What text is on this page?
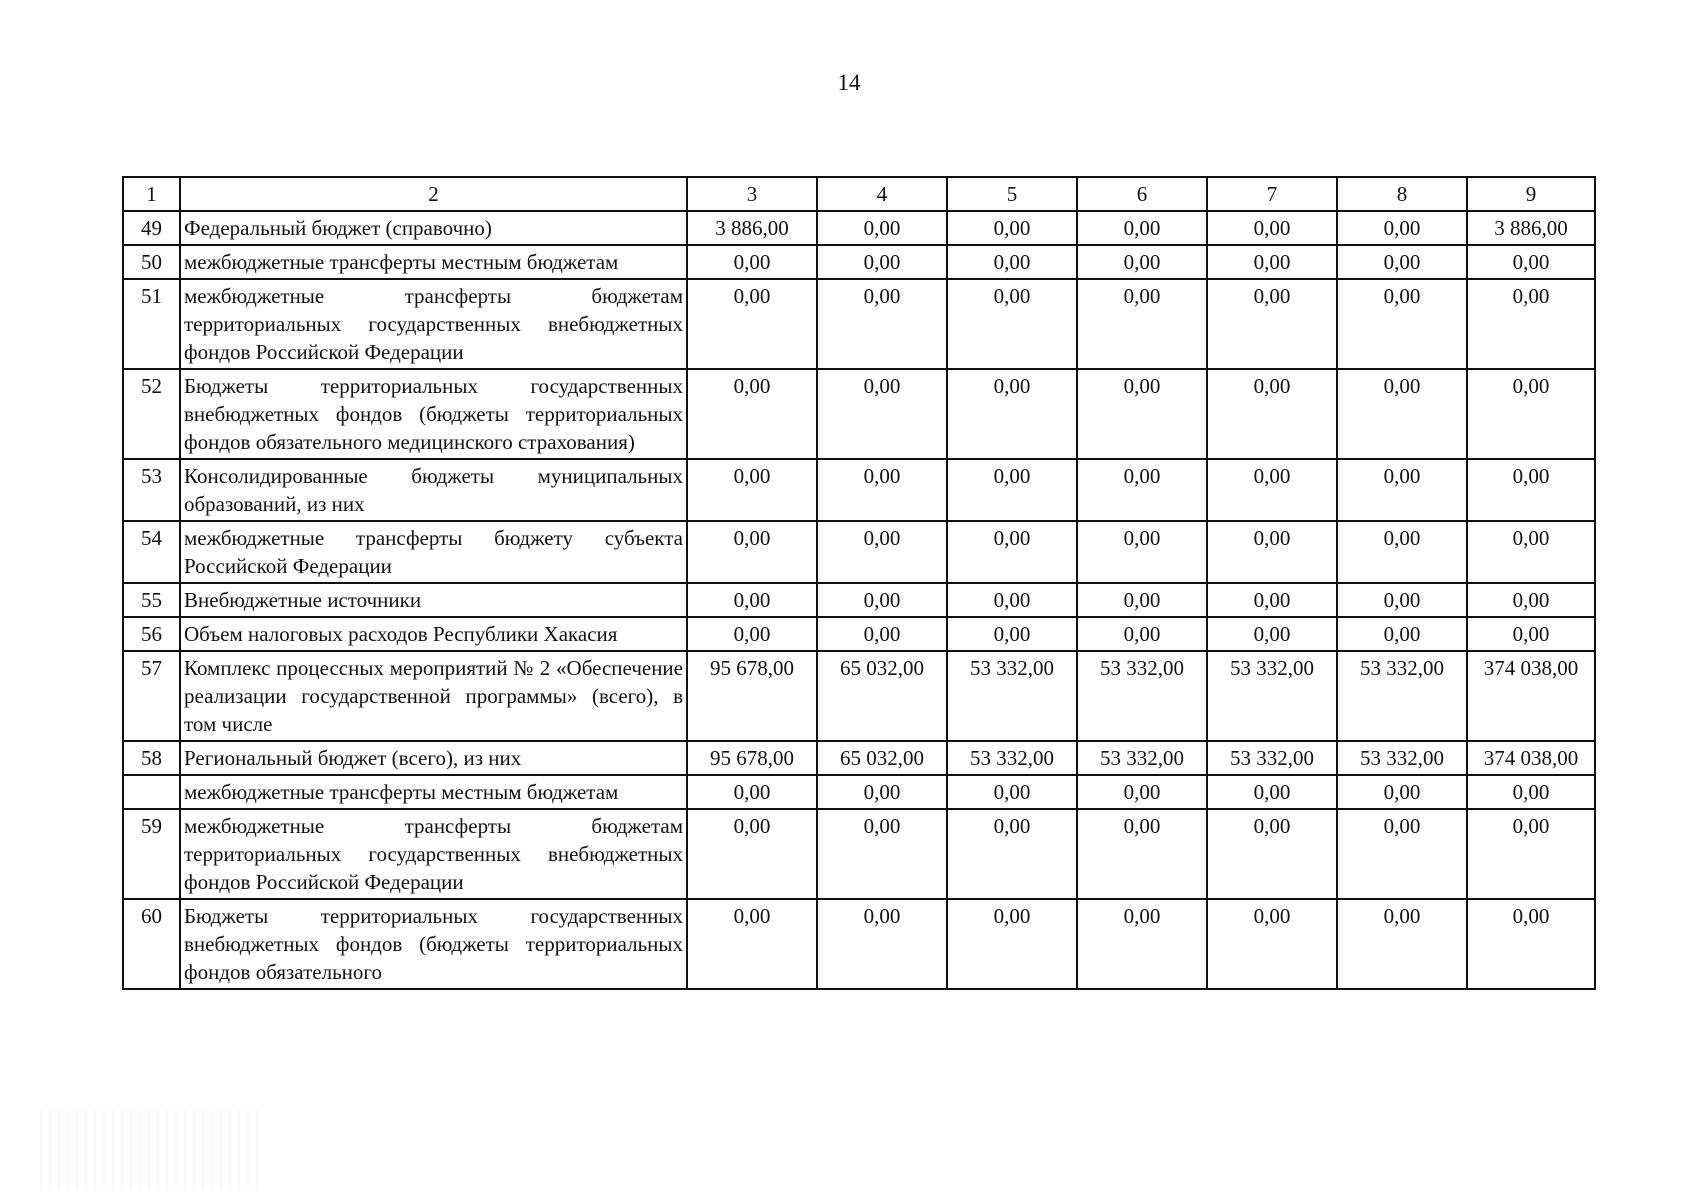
14
1	2	3	4	5	6	7	8	9
49	Федеральный бюджет (справочно)	3 886,00	0,00	0,00	0,00	0,00	0,00	3 886,00
50	межбюджетные трансферты местным бюджетам	0,00	0,00	0,00	0,00	0,00	0,00	0,00
51	межбюджетные трансферты бюджетам территориальных государственных внебюджетных фондов Российской Федерации	0,00	0,00	0,00	0,00	0,00	0,00	0,00
52	Бюджеты территориальных государственных внебюджетных фондов (бюджеты территориальных фондов обязательного медицинского страхования)	0,00	0,00	0,00	0,00	0,00	0,00	0,00
53	Консолидированные бюджеты муниципальных образований, из них	0,00	0,00	0,00	0,00	0,00	0,00	0,00
54	межбюджетные трансферты бюджету субъекта Российской Федерации	0,00	0,00	0,00	0,00	0,00	0,00	0,00
55	Внебюджетные источники	0,00	0,00	0,00	0,00	0,00	0,00	0,00
56	Объем налоговых расходов Республики Хакасия	0,00	0,00	0,00	0,00	0,00	0,00	0,00
57	Комплекс процессных мероприятий № 2 «Обеспечение реализации государственной программы» (всего), в том числе	95 678,00	65 032,00	53 332,00	53 332,00	53 332,00	53 332,00	374 038,00
58	Региональный бюджет (всего), из них	95 678,00	65 032,00	53 332,00	53 332,00	53 332,00	53 332,00	374 038,00
	межбюджетные трансферты местным бюджетам	0,00	0,00	0,00	0,00	0,00	0,00	0,00
59	межбюджетные трансферты бюджетам территориальных государственных внебюджетных фондов Российской Федерации	0,00	0,00	0,00	0,00	0,00	0,00	0,00
60	Бюджеты территориальных государственных внебюджетных фондов (бюджеты территориальных фондов обязательного	0,00	0,00	0,00	0,00	0,00	0,00	0,00
